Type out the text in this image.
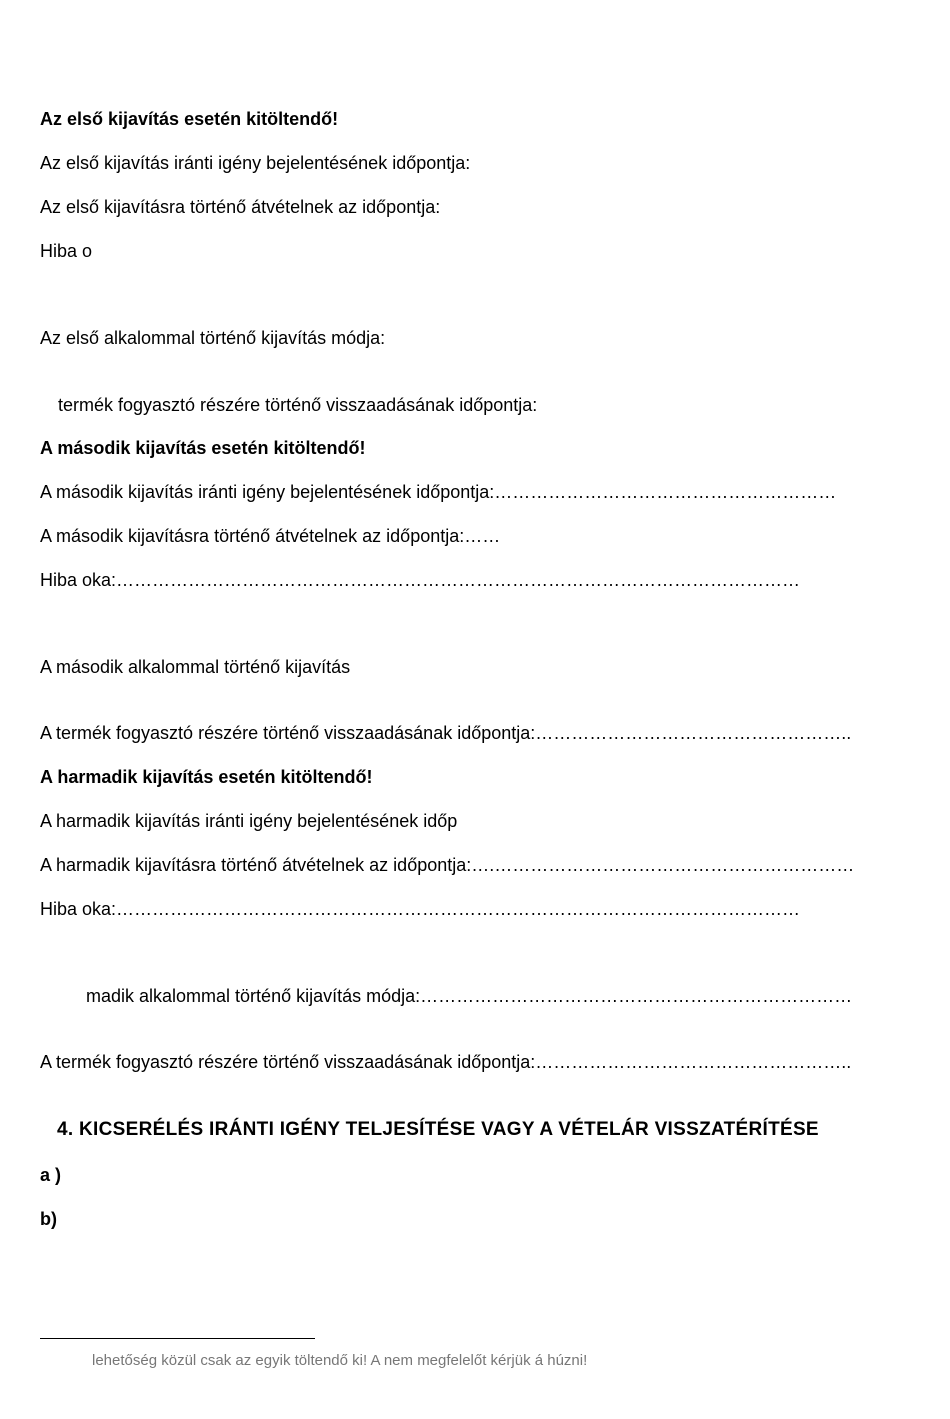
Az első kijavítás esetén kitöltendő!
Az első kijavítás iránti igény bejelentésének időpontja:
Az első kijavításra történő átvételnek az időpontja:
Hiba o
Az első alkalommal történő kijavítás módja:
termék fogyasztó részére történő visszaadásának időpontja:
A második kijavítás esetén kitöltendő!
A második kijavítás iránti igény bejelentésének időpontja:…………………………………………………
A második kijavításra történő átvételnek az időpontja:……
Hiba oka:……………………………………………………………………………………………………
A második alkalommal történő kijavítás
A termék fogyasztó részére történő visszaadásának időpontja:……………………………………………..
A harmadik kijavítás esetén kitöltendő!
A harmadik kijavítás iránti igény bejelentésének időp
A harmadik kijavításra történő átvételnek az időpontja:….……………………………………………………
Hiba oka:……………………………………………………………………………………………………
madik alkalommal történő kijavítás módja:………………………………………………………………
A termék fogyasztó részére történő visszaadásának időpontja:……………………………………………..
4. KICSERÉLÉS IRÁNTI IGÉNY TELJESÍTÉSE VAGY A VÉTELÁR VISSZATÉRÍTÉSE
a )
b)
lehetőség közül csak az egyik töltendő ki! A nem megfelelőt kérjük á húzni!
